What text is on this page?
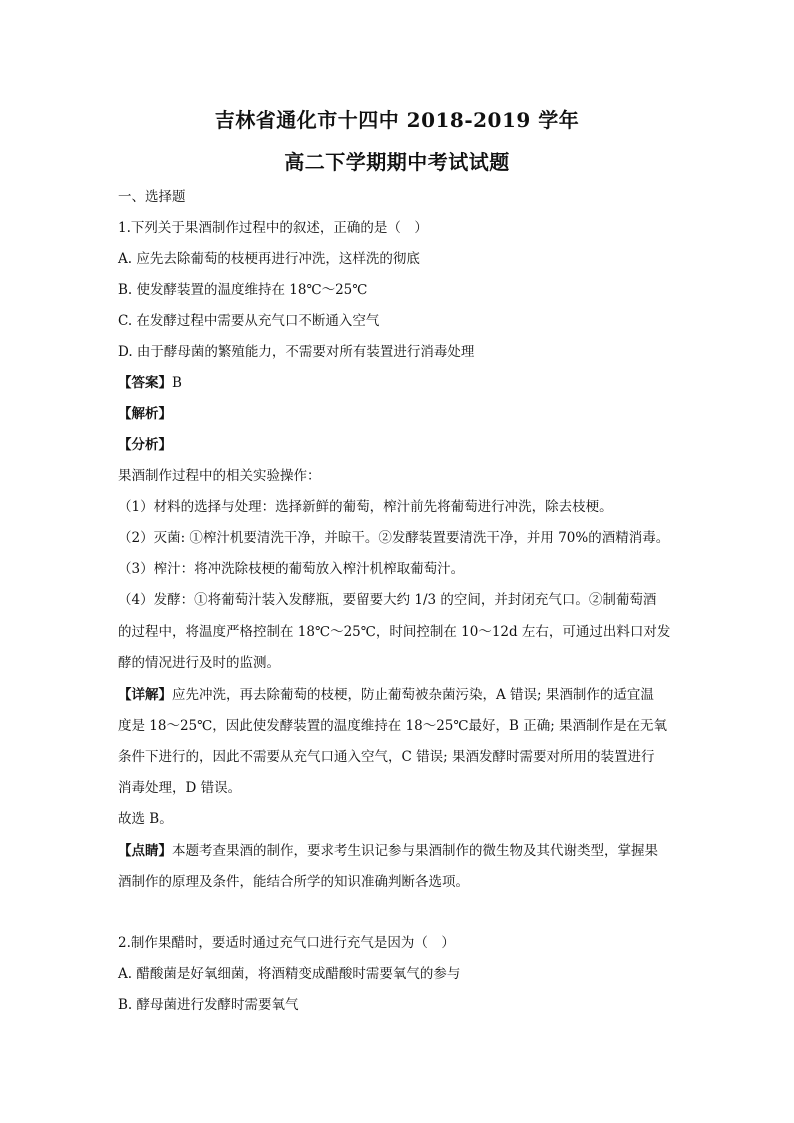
吉林省通化市十四中 2018-2019 学年
高二下学期期中考试试题
一、选择题
1.下列关于果酒制作过程中的叙述，正确的是（　）
A. 应先去除葡萄的枝梗再进行冲洗，这样洗的彻底
B. 使发酵装置的温度维持在 18℃～25℃
C. 在发酵过程中需要从充气口不断通入空气
D. 由于酵母菌的繁殖能力，不需要对所有装置进行消毒处理
【答案】B
【解析】
【分析】
果酒制作过程中的相关实验操作：
（1）材料的选择与处理：选择新鲜的葡萄，榨汁前先将葡萄进行冲洗，除去枝梗。
（2）灭菌: ①榨汁机要清洗干净，并晾干。②发酵装置要清洗干净，并用 70%的酒精消毒。
（3）榨汁：将冲洗除枝梗的葡萄放入榨汁机榨取葡萄汁。
（4）发酵：①将葡萄汁装入发酵瓶，要留要大约 1/3 的空间，并封闭充气口。②制葡萄酒
的过程中，将温度严格控制在 18℃～25℃，时间控制在 10～12d 左右，可通过出料口对发
酵的情况进行及时的监测。
【详解】应先冲洗，再去除葡萄的枝梗，防止葡萄被杂菌污染，A 错误; 果酒制作的适宜温
度是 18～25℃，因此使发酵装置的温度维持在 18～25℃最好，B 正确; 果酒制作是在无氧
条件下进行的，因此不需要从充气口通入空气，C 错误; 果酒发酵时需要对所用的装置进行
消毒处理，D 错误。
故选 B。
【点睛】本题考查果酒的制作，要求考生识记参与果酒制作的微生物及其代谢类型，掌握果
酒制作的原理及条件，能结合所学的知识准确判断各选项。
2.制作果醋时，要适时通过充气口进行充气是因为（　）
A. 醋酸菌是好氧细菌，将酒精变成醋酸时需要氧气的参与
B. 酵母菌进行发酵时需要氧气
